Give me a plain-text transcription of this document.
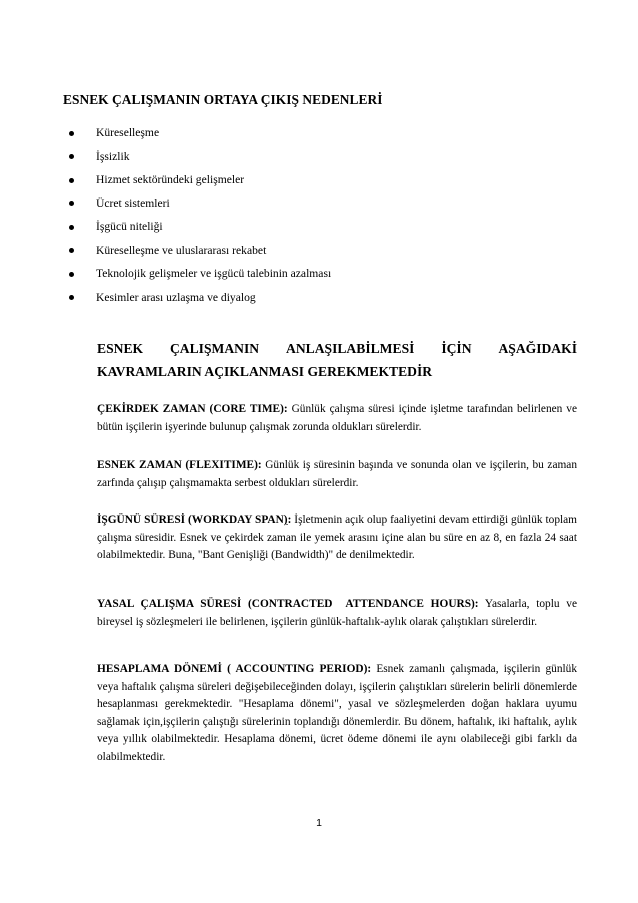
ESNEK ÇALIŞMANIN ORTAYA ÇIKIŞ NEDENLERİ
Küreselleşme
İşsizlik
Hizmet sektöründeki gelişmeler
Ücret sistemleri
İşgücü niteliği
Küreselleşme ve uluslararası rekabet
Teknolojik gelişmeler ve işgücü talebinin azalması
Kesimler arası uzlaşma ve diyalog
ESNEK ÇALIŞMANIN ANLAŞILABİLMESİ İÇİN AŞAĞIDAKİ
KAVRAMLARIN AÇIKLANMASI GEREKMEKTEDİR

ÇEKİRDEK ZAMAN (CORE TIME): Günlük çalışma süresi içinde işletme tarafından belirlenen ve bütün işçilerin işyerinde bulunup çalışmak zorunda oldukları sürelerdir.

ESNEK ZAMAN (FLEXITIME): Günlük iş süresinin başında ve sonunda olan ve işçilerin, bu zaman zarfında çalışıp çalışmamakta serbest oldukları sürelerdir.

İŞGÜNÜ SÜRESİ (WORKDAY SPAN): İşletmenin açık olup faaliyetini devam ettirdiği günlük toplam çalışma süresidir. Esnek ve çekirdek zaman ile yemek arasını içine alan bu süre en az 8, en fazla 24 saat olabilmektedir. Buna, "Bant Genişliği (Bandwidth)" de denilmektedir.

YASAL ÇALIŞMA SÜRESİ (CONTRACTED  ATTENDANCE HOURS): Yasalarla, toplu ve bireysel iş sözleşmeleri ile belirlenen, işçilerin günlük-haftalık-aylık olarak çalıştıkları sürelerdir.

HESAPLAMA DÖNEMİ ( ACCOUNTING PERIOD): Esnek zamanlı çalışmada, işçilerin günlük veya haftalık çalışma süreleri değişebileceğinden dolayı, işçilerin çalıştıkları sürelerin belirli dönemlerde hesaplanması gerekmektedir. "Hesaplama dönemi", yasal ve sözleşmelerden doğan haklara uyumu sağlamak için,işçilerin çalıştığı sürelerinin toplandığı dönemlerdir. Bu dönem, haftalık, iki haftalık, aylık veya yıllık olabilmektedir. Hesaplama dönemi, ücret ödeme dönemi ile aynı olabileceği gibi farklı da olabilmektedir.

1
